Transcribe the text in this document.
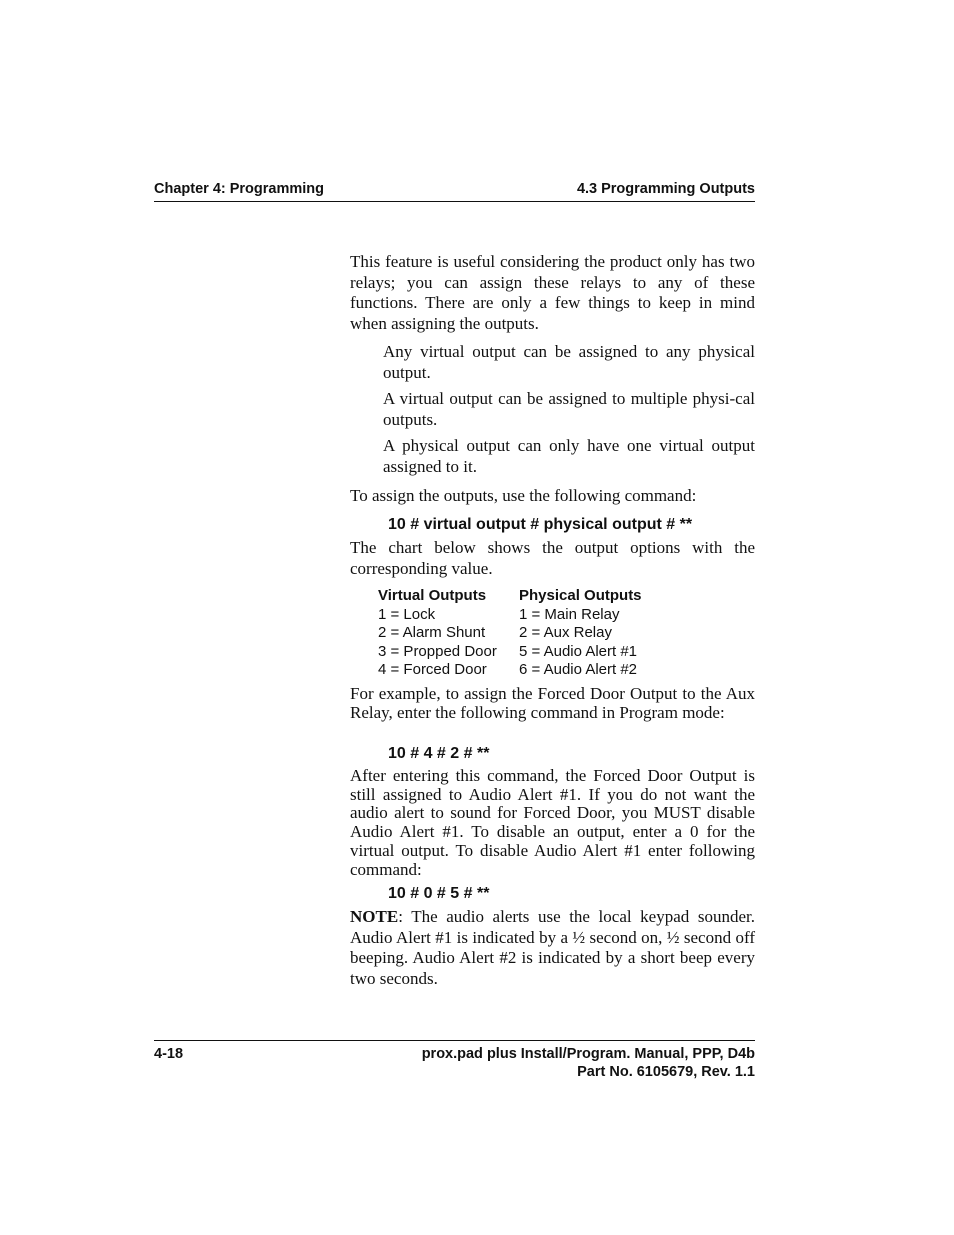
Chapter 4: Programming	4.3 Programming Outputs

This feature is useful considering the product only has two relays; you can assign these relays to any of these functions. There are only a few things to keep in mind when assigning the outputs.

Any virtual output can be assigned to any physical output.

A virtual output can be assigned to multiple physi-cal outputs.

A physical output can only have one virtual output assigned to it.

To assign the outputs, use the following command:

10 # virtual output # physical output # **

The chart below shows the output options with the corresponding value.

Virtual Outputs
1 = Lock
2 = Alarm Shunt
3 = Propped Door
4 = Forced Door
Physical Outputs
1 = Main Relay
2 = Aux Relay
5 = Audio Alert #1
6 = Audio Alert #2

For example, to assign the Forced Door Output to the Aux Relay, enter the following command in Program mode:

10 # 4 # 2 # **

After entering this command, the Forced Door Output is still assigned to Audio Alert #1. If you do not want the audio alert to sound for Forced Door, you MUST disable Audio Alert #1. To disable an output, enter a 0 for the virtual output. To disable Audio Alert #1 enter following command:

10 # 0 # 5 # **

NOTE: The audio alerts use the local keypad sounder. Audio Alert #1 is indicated by a ½ second on, ½ second off beeping. Audio Alert #2 is indicated by a short beep every two seconds.

4-18	prox.pad plus Install/Program. Manual, PPP, D4b
Part No. 6105679, Rev. 1.1
